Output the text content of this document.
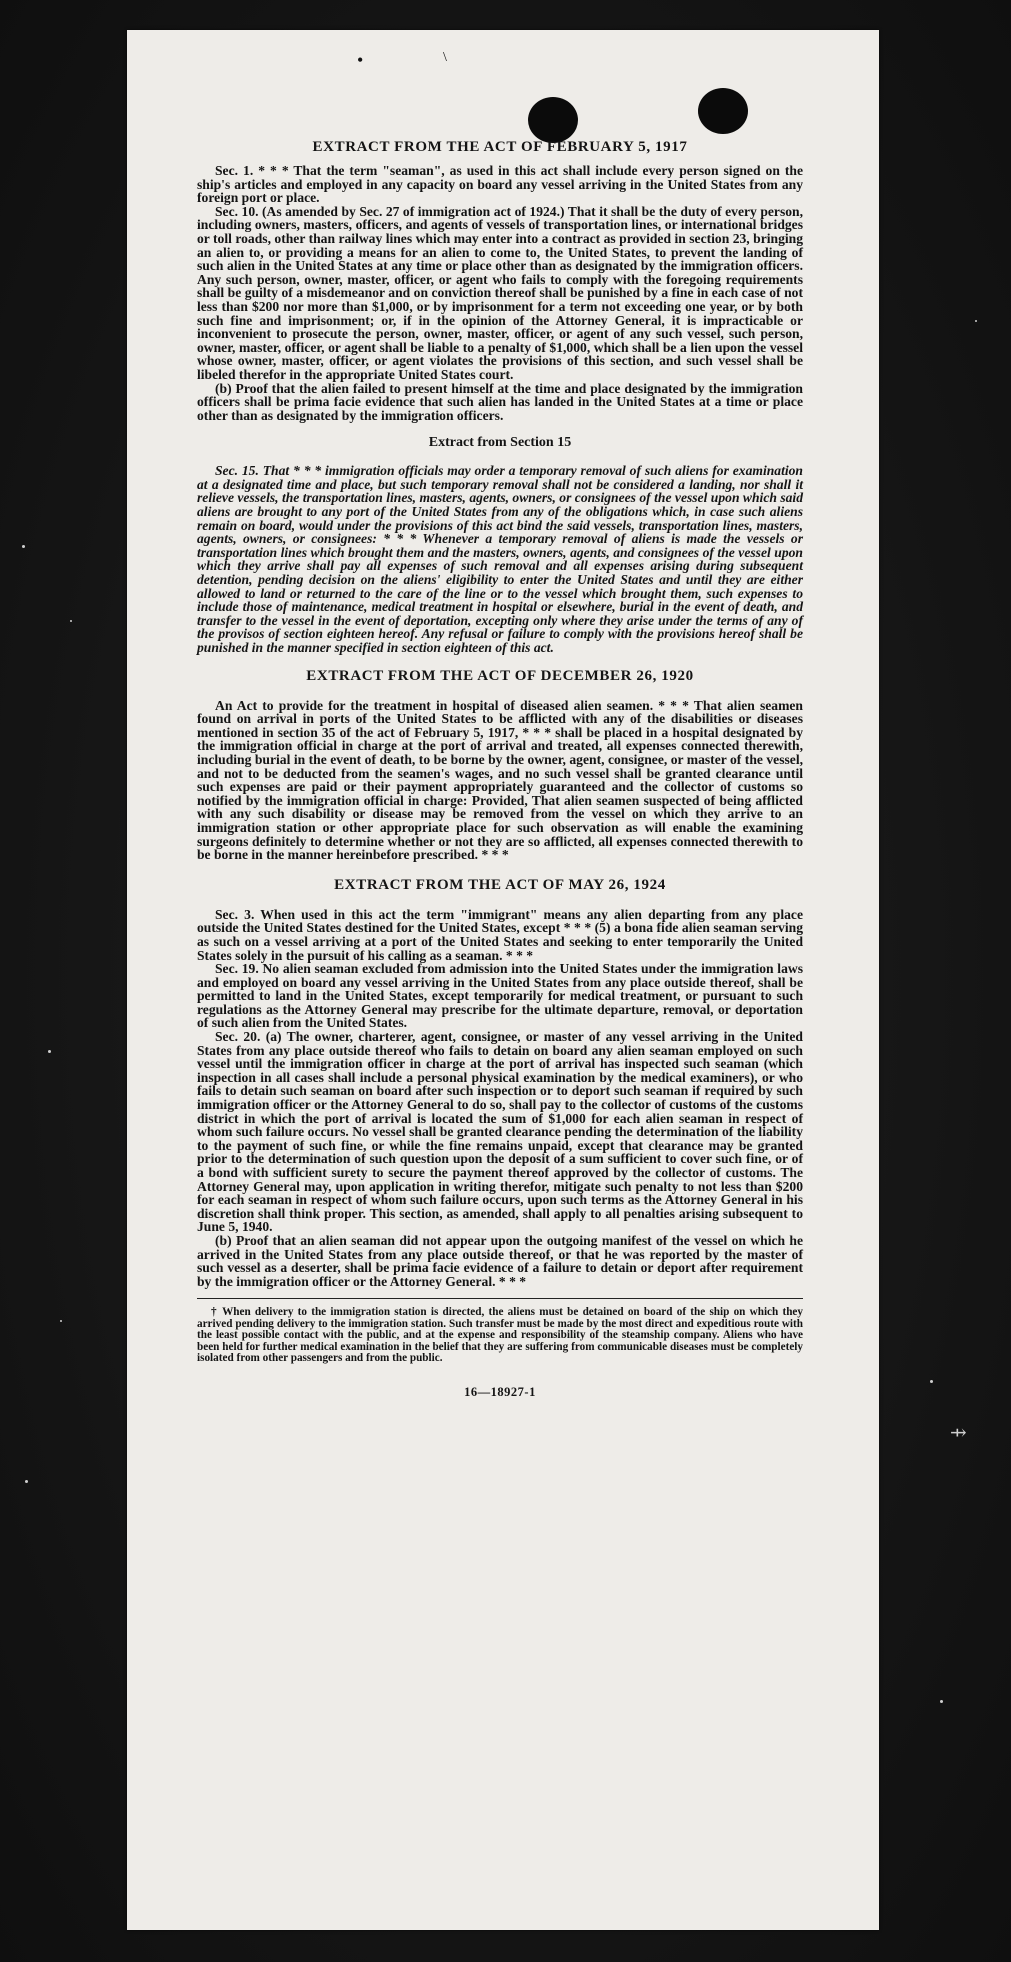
⇸
•	\
EXTRACT FROM THE ACT OF FEBRUARY 5, 1917

Sec. 1. * * * That the term "seaman", as used in this act shall include every person signed on the ship's articles and employed in any capacity on board any vessel arriving in the United States from any foreign port or place.

Sec. 10. (As amended by Sec. 27 of immigration act of 1924.) That it shall be the duty of every person, including owners, masters, officers, and agents of vessels of transportation lines, or international bridges or toll roads, other than railway lines which may enter into a contract as provided in section 23, bringing an alien to, or providing a means for an alien to come to, the United States, to prevent the landing of such alien in the United States at any time or place other than as designated by the immigration officers. Any such person, owner, master, officer, or agent who fails to comply with the foregoing requirements shall be guilty of a misdemeanor and on conviction thereof shall be punished by a fine in each case of not less than $200 nor more than $1,000, or by imprisonment for a term not exceeding one year, or by both such fine and imprisonment; or, if in the opinion of the Attorney General, it is impracticable or inconvenient to prosecute the person, owner, master, officer, or agent of any such vessel, such person, owner, master, officer, or agent shall be liable to a penalty of $1,000, which shall be a lien upon the vessel whose owner, master, officer, or agent violates the provisions of this section, and such vessel shall be libeled therefor in the appropriate United States court.

(b) Proof that the alien failed to present himself at the time and place designated by the immigration officers shall be prima facie evidence that such alien has landed in the United States at a time or place other than as designated by the immigration officers.

Extract from Section 15

Sec. 15. That * * * immigration officials may order a temporary removal of such aliens for examination at a designated time and place, but such temporary removal shall not be considered a landing, nor shall it relieve vessels, the transportation lines, masters, agents, owners, or consignees of the vessel upon which said aliens are brought to any port of the United States from any of the obligations which, in case such aliens remain on board, would under the provisions of this act bind the said vessels, transportation lines, masters, agents, owners, or consignees: * * * Whenever a temporary removal of aliens is made the vessels or transportation lines which brought them and the masters, owners, agents, and consignees of the vessel upon which they arrive shall pay all expenses of such removal and all expenses arising during subsequent detention, pending decision on the aliens' eligibility to enter the United States and until they are either allowed to land or returned to the care of the line or to the vessel which brought them, such expenses to include those of maintenance, medical treatment in hospital or elsewhere, burial in the event of death, and transfer to the vessel in the event of deportation, excepting only where they arise under the terms of any of the provisos of section eighteen hereof. Any refusal or failure to comply with the provisions hereof shall be punished in the manner specified in section eighteen of this act.

EXTRACT FROM THE ACT OF DECEMBER 26, 1920

An Act to provide for the treatment in hospital of diseased alien seamen. * * * That alien seamen found on arrival in ports of the United States to be afflicted with any of the disabilities or diseases mentioned in section 35 of the act of February 5, 1917, * * * shall be placed in a hospital designated by the immigration official in charge at the port of arrival and treated, all expenses connected therewith, including burial in the event of death, to be borne by the owner, agent, consignee, or master of the vessel, and not to be deducted from the seamen's wages, and no such vessel shall be granted clearance until such expenses are paid or their payment appropriately guaranteed and the collector of customs so notified by the immigration official in charge: Provided, That alien seamen suspected of being afflicted with any such disability or disease may be removed from the vessel on which they arrive to an immigration station or other appropriate place for such observation as will enable the examining surgeons definitely to determine whether or not they are so afflicted, all expenses connected therewith to be borne in the manner hereinbefore prescribed. * * *

EXTRACT FROM THE ACT OF MAY 26, 1924

Sec. 3. When used in this act the term "immigrant" means any alien departing from any place outside the United States destined for the United States, except * * * (5) a bona fide alien seaman serving as such on a vessel arriving at a port of the United States and seeking to enter temporarily the United States solely in the pursuit of his calling as a seaman. * * *

Sec. 19. No alien seaman excluded from admission into the United States under the immigration laws and employed on board any vessel arriving in the United States from any place outside thereof, shall be permitted to land in the United States, except temporarily for medical treatment, or pursuant to such regulations as the Attorney General may prescribe for the ultimate departure, removal, or deportation of such alien from the United States.

Sec. 20. (a) The owner, charterer, agent, consignee, or master of any vessel arriving in the United States from any place outside thereof who fails to detain on board any alien seaman employed on such vessel until the immigration officer in charge at the port of arrival has inspected such seaman (which inspection in all cases shall include a personal physical examination by the medical examiners), or who fails to detain such seaman on board after such inspection or to deport such seaman if required by such immigration officer or the Attorney General to do so, shall pay to the collector of customs of the customs district in which the port of arrival is located the sum of $1,000 for each alien seaman in respect of whom such failure occurs. No vessel shall be granted clearance pending the determination of the liability to the payment of such fine, or while the fine remains unpaid, except that clearance may be granted prior to the determination of such question upon the deposit of a sum sufficient to cover such fine, or of a bond with sufficient surety to secure the payment thereof approved by the collector of customs. The Attorney General may, upon application in writing therefor, mitigate such penalty to not less than $200 for each seaman in respect of whom such failure occurs, upon such terms as the Attorney General in his discretion shall think proper. This section, as amended, shall apply to all penalties arising subsequent to June 5, 1940.

(b) Proof that an alien seaman did not appear upon the outgoing manifest of the vessel on which he arrived in the United States from any place outside thereof, or that he was reported by the master of such vessel as a deserter, shall be prima facie evidence of a failure to detain or deport after requirement by the immigration officer or the Attorney General. * * *

† When delivery to the immigration station is directed, the aliens must be detained on board of the ship on which they arrived pending delivery to the immigration station. Such transfer must be made by the most direct and expeditious route with the least possible contact with the public, and at the expense and responsibility of the steamship company. Aliens who have been held for further medical examination in the belief that they are suffering from communicable diseases must be completely isolated from other passengers and from the public.

16—18927-1
